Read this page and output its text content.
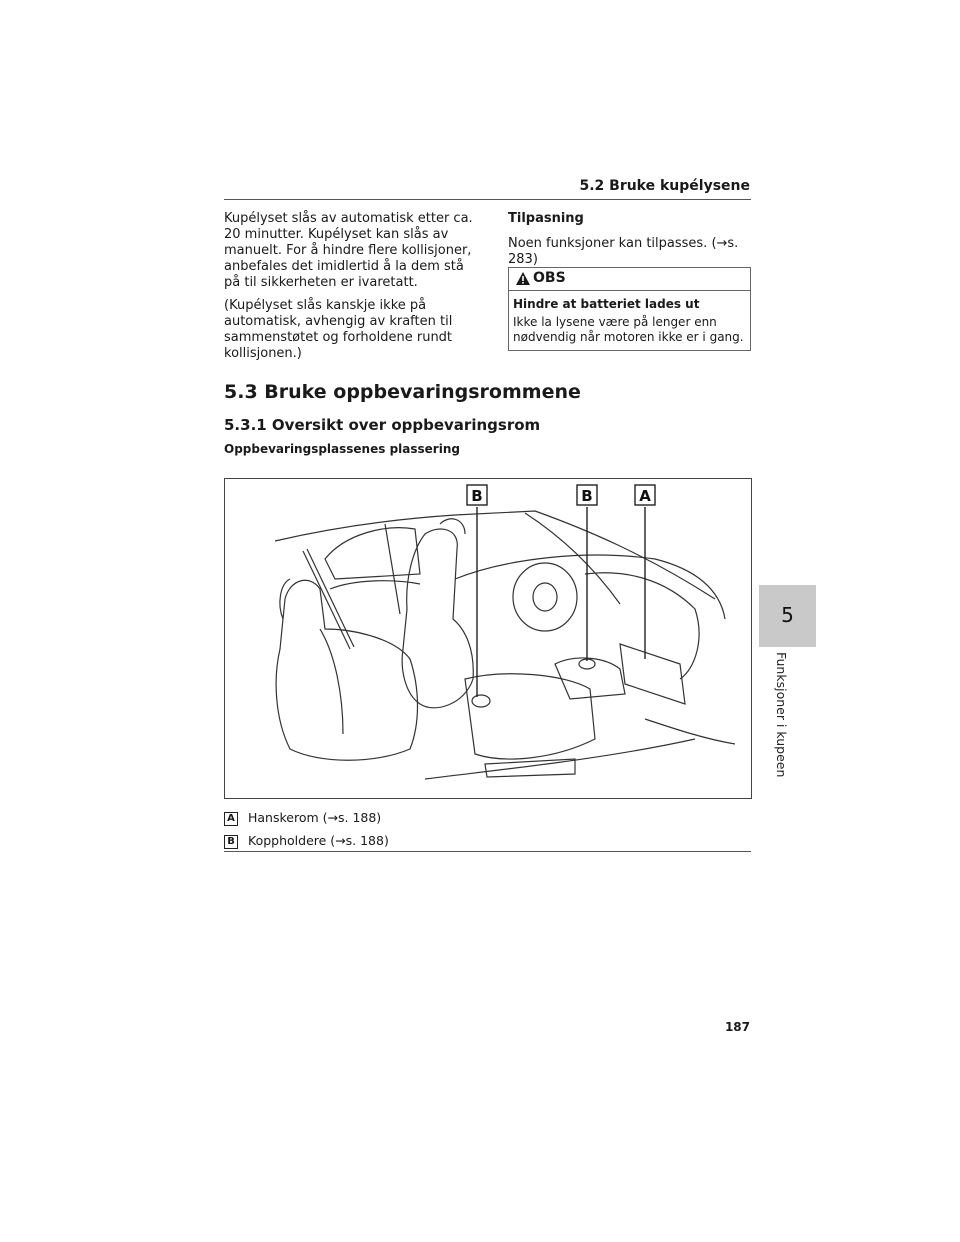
5.2 Bruke kupélysene
Kupélyset slås av automatisk etter ca. 20 minutter. Kupélyset kan slås av manuelt. For å hindre flere kollisjoner, anbefales det imidlertid å la dem stå på til sikkerheten er ivaretatt.
(Kupélyset slås kanskje ikke på automatisk, avhengig av kraften til sammenstøtet og forholdene rundt kollisjonen.)
Tilpasning
Noen funksjoner kan tilpasses. (→s. 283)
OBS
Hindre at batteriet lades ut
Ikke la lysene være på lenger enn nødvendig når motoren ikke er i gang.
5.3 Bruke oppbevaringsrommene
5.3.1 Oversikt over oppbevaringsrom
Oppbevaringsplassenes plassering
B	B	A
A Hanskerom (→s. 188)
B Koppholdere (→s. 188)
5
Funksjoner i kupeen
187
